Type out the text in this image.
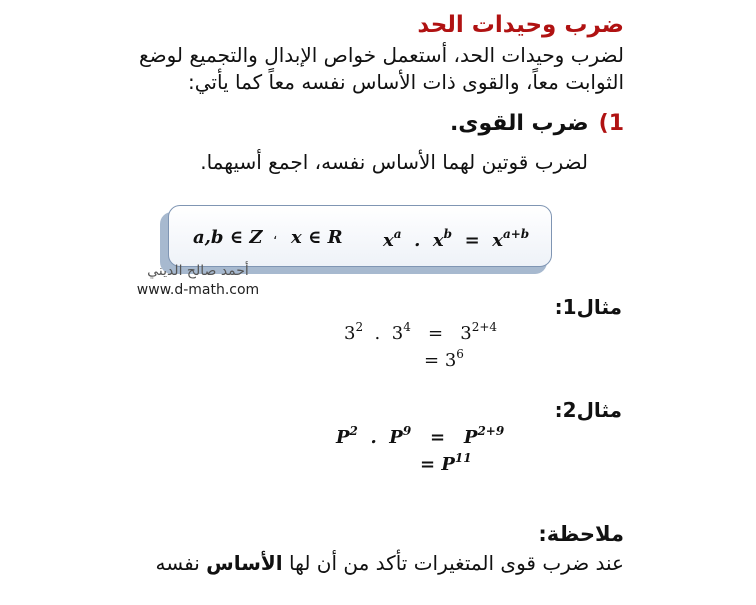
ضرب وحيدات الحد
لضرب وحيدات الحد، أستعمل خواص الإبدال والتجميع لوضع
الثوابت معاً، والقوى ذات الأساس نفسه معاً كما يأتي:
1)ضرب القوى.
لضرب قوتين لهما الأساس نفسه، اجمع أسيهما.
a,b ∈ Z ، x ∈ R $x^a$ . $x^b = x^{a+b}$
أحمد صالح الديني
www.d-math.com
مثال1:
$3^2$ . $3^4 = 3^{2+4}$
= $3^6$
مثال2:
$P^2$ . $P^9 = P^{2+9}$
= $P^{11}$
ملاحظة:
عند ضرب قوى المتغيرات تأكد من أن لها الأساس نفسه
